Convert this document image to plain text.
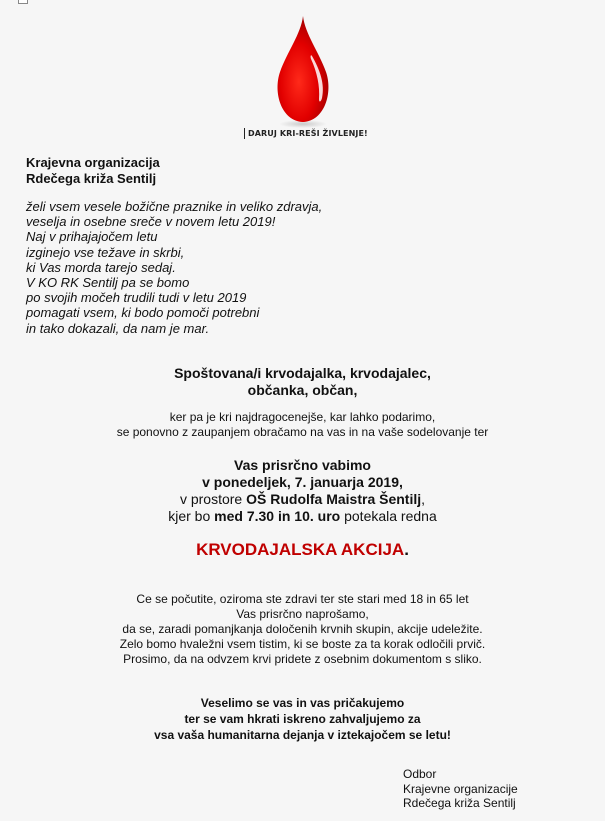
DARUJ KRI-REŠI ŽIVLENJE!
Krajevna organizacija
Rdečega križa Sentilj
želi vsem vesele božične praznike in veliko zdravja,
veselja in osebne sreče v novem letu 2019!
Naj v prihajajočem letu
izginejo vse težave in skrbi,
ki Vas morda tarejo sedaj.
V KO RK Sentilj pa se bomo
po svojih močeh trudili tudi v letu 2019
pomagati vsem, ki bodo pomoči potrebni
in tako dokazali, da nam je mar.
Spoštovana/i krvodajalka, krvodajalec,
občanka, občan,
ker pa je kri najdragocenejše, kar lahko podarimo,
se ponovno z zaupanjem obračamo na vas in na vaše sodelovanje ter
Vas prisrčno vabimo
v ponedeljek, 7. januarja 2019,
v prostore OŠ Rudolfa Maistra Šentilj,
kjer bo med 7.30 in 10. uro potekala redna
KRVODAJALSKA AKCIJA.
Ce se počutite, oziroma ste zdravi ter ste stari med 18 in 65 let
Vas prisrčno naprošamo,
da se, zaradi pomanjkanja določenih krvnih skupin, akcije udeležite.
Zelo bomo hvaležni vsem tistim, ki se boste za ta korak odločili prvič.
Prosimo, da na odvzem krvi pridete z osebnim dokumentom s sliko.
Veselimo se vas in vas pričakujemo
ter se vam hkrati iskreno zahvaljujemo za
vsa vaša humanitarna dejanja v iztekajočem se letu!
Odbor
Krajevne organizacije
Rdečega križa Sentilj
